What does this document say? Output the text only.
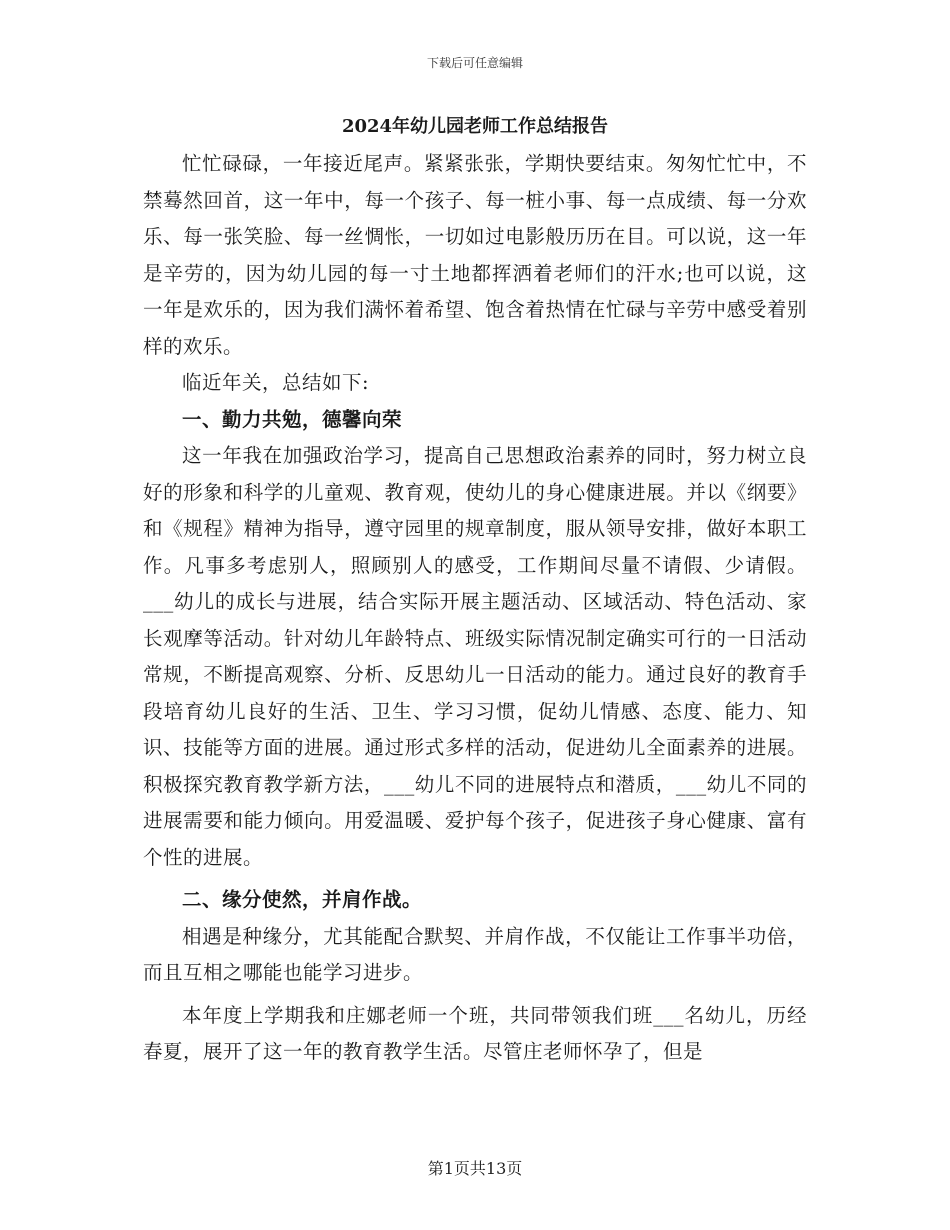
下载后可任意编辑
2024年幼儿园老师工作总结报告

忙忙碌碌，一年接近尾声。紧紧张张，学期快要结束。匆匆忙忙中，不禁蓦然回首，这一年中，每一个孩子、每一桩小事、每一点成绩、每一分欢乐、每一张笑脸、每一丝惆怅，一切如过电影般历历在目。可以说，这一年是辛劳的，因为幼儿园的每一寸土地都挥洒着老师们的汗水;也可以说，这一年是欢乐的，因为我们满怀着希望、饱含着热情在忙碌与辛劳中感受着别样的欢乐。

临近年关，总结如下:

一、勤力共勉，德馨向荣

这一年我在加强政治学习，提高自己思想政治素养的同时，努力树立良好的形象和科学的儿童观、教育观，使幼儿的身心健康进展。并以《纲要》和《规程》精神为指导，遵守园里的规章制度，服从领导安排，做好本职工作。凡事多考虑别人，照顾别人的感受，工作期间尽量不请假、少请假。___幼儿的成长与进展，结合实际开展主题活动、区域活动、特色活动、家长观摩等活动。针对幼儿年龄特点、班级实际情况制定确实可行的一日活动常规，不断提高观察、分析、反思幼儿一日活动的能力。通过良好的教育手段培育幼儿良好的生活、卫生、学习习惯，促幼儿情感、态度、能力、知识、技能等方面的进展。通过形式多样的活动，促进幼儿全面素养的进展。积极探究教育教学新方法，___幼儿不同的进展特点和潜质，___幼儿不同的进展需要和能力倾向。用爱温暖、爱护每个孩子，促进孩子身心健康、富有个性的进展。

二、缘分使然，并肩作战。

相遇是种缘分，尤其能配合默契、并肩作战，不仅能让工作事半功倍，而且互相之哪能也能学习进步。

本年度上学期我和庄娜老师一个班，共同带领我们班___名幼儿，历经春夏，展开了这一年的教育教学生活。尽管庄老师怀孕了，但是

第1页共13页
